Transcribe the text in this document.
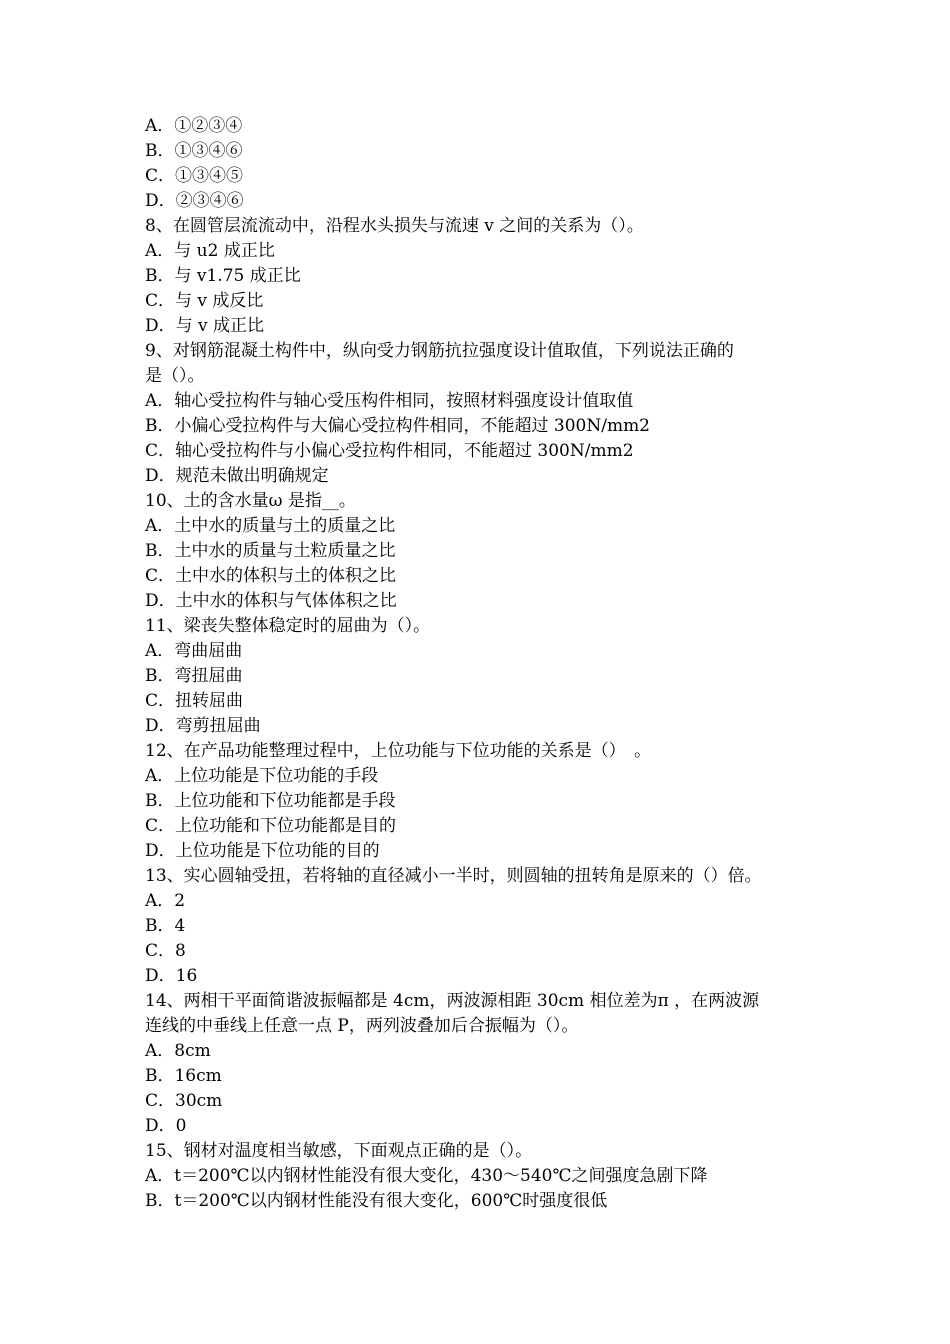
A．①②③④
B．①③④⑥
C．①③④⑤
D．②③④⑥
8、在圆管层流流动中，沿程水头损失与流速 v 之间的关系为（）。
A．与 u2 成正比
B．与 v1.75 成正比
C．与 v 成反比
D．与 v 成正比
9、对钢筋混凝土构件中，纵向受力钢筋抗拉强度设计值取值，下列说法正确的
是（）。
A．轴心受拉构件与轴心受压构件相同，按照材料强度设计值取值
B．小偏心受拉构件与大偏心受拉构件相同，不能超过 300N/mm2
C．轴心受拉构件与小偏心受拉构件相同，不能超过 300N/mm2
D．规范未做出明确规定
10、土的含水量ω 是指__。
A．土中水的质量与土的质量之比
B．土中水的质量与土粒质量之比
C．土中水的体积与土的体积之比
D．土中水的体积与气体体积之比
11、梁丧失整体稳定时的屈曲为（）。
A．弯曲屈曲
B．弯扭屈曲
C．扭转屈曲
D．弯剪扭屈曲
12、在产品功能整理过程中，上位功能与下位功能的关系是（）　。
A．上位功能是下位功能的手段
B．上位功能和下位功能都是手段
C．上位功能和下位功能都是目的
D．上位功能是下位功能的目的
13、实心圆轴受扭，若将轴的直径减小一半时，则圆轴的扭转角是原来的（）倍。
A．2
B．4
C．8
D．16
14、两相干平面简谐波振幅都是 4cm，两波源相距 30cm 相位差为π ，在两波源
连线的中垂线上任意一点 P，两列波叠加后合振幅为（）。
A．8cm
B．16cm
C．30cm
D．0
15、钢材对温度相当敏感，下面观点正确的是（）。
A．t＝200℃以内钢材性能没有很大变化，430～540℃之间强度急剧下降
B．t＝200℃以内钢材性能没有很大变化，600℃时强度很低
